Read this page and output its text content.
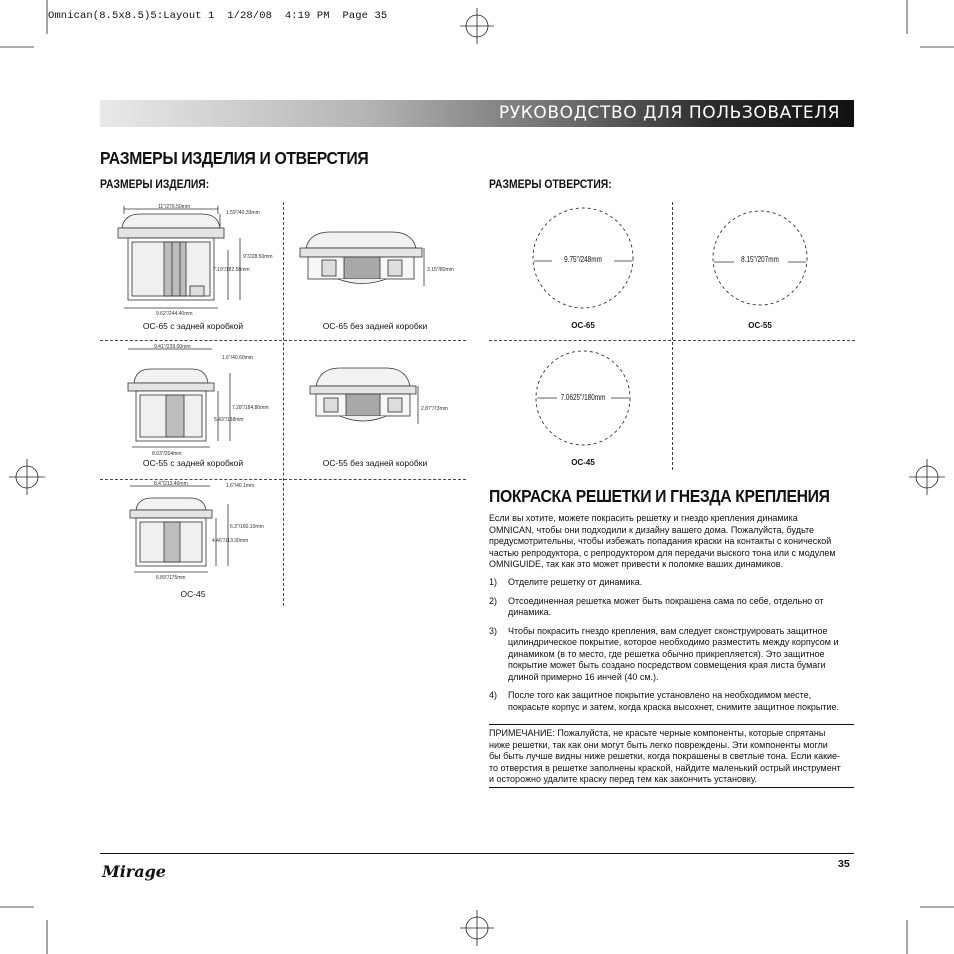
Omnican(8.5x8.5)5:Layout 1  1/28/08  4:19 PM  Page 35
РУКОВОДСТВО ДЛЯ ПОЛЬЗОВАТЕЛЯ
РАЗМЕРЫ ИЗДЕЛИЯ И ОТВЕРСТИЯ
РАЗМЕРЫ ИЗДЕЛИЯ:	РАЗМЕРЫ ОТВЕРСТИЯ:
11"/279.50mm
1.59"/40.33mm
9"/228.50mm
7.19"/182.58mm
9.62"/244.40mm
OC-65 с задней коробкой
3.15"/80mm
OC-65 без задней коробки
9.41"/239.00mm
1.6"/40.60mm
7.28"/184.80mm
5.43"/138mm
8.03"/204mm
OC-55 с задней коробкой
2.87"/73mm
OC-55 без задней коробки
8.4"/213.40mm	1.6"/40.1mm
6.3"/160.10mm
4.46"/113.30mm
6.89"/175mm
OC-45
9.75"/248mm
OC-65
8.15"/207mm
OC-55
7.0625"/180mm
OC-45
ПОКРАСКА РЕШЕТКИ И ГНЕЗДА КРЕПЛЕНИЯ
Если вы хотите, можете покрасить решетку и гнездо крепления динамика
OMNICAN, чтобы они подходили к дизайну вашего дома. Пожалуйста, будьте
предусмотрительны, чтобы избежать попадания краски на контакты с конической
частью репродуктора, с репродуктором для передачи выского тона или с модулем
OMNIGUIDE, так как это может привести к поломке ваших динамиков.
1) Отделите решетку от динамика.
2) Отсоединенная решетка может быть покрашена сама по себе, отдельно от
динамика.
3) Чтобы покрасить гнездо крепления, вам следует сконструировать защитное
цилиндрическое покрытие, которое необходимо разместить между корпусом и
динамиком (в то место, где решетка обычно прикрепляется). Это защитное
покрытие может быть создано посредством совмещения края листа бумаги
длиной примерно 16 инчей (40 см.).
4) После того как защитное покрытие установлено на необходимом месте,
покрасьте корпус и затем, когда краска высохнет, снимите защитное покрытие.
ПРИМЕЧАНИЕ: Пожалуйста, не красьте черные компоненты, которые спрятаны
ниже решетки, так как они могут быть легко повреждены. Эти компоненты могли
бы быть лучше видны ниже решетки, когда покрашены в светлые тона. Если какие-
то отверстия в решетке заполнены краской, найдите маленький острый инструмент
и осторожно удалите краску перед тем как закончить установку.
Mirage	35
